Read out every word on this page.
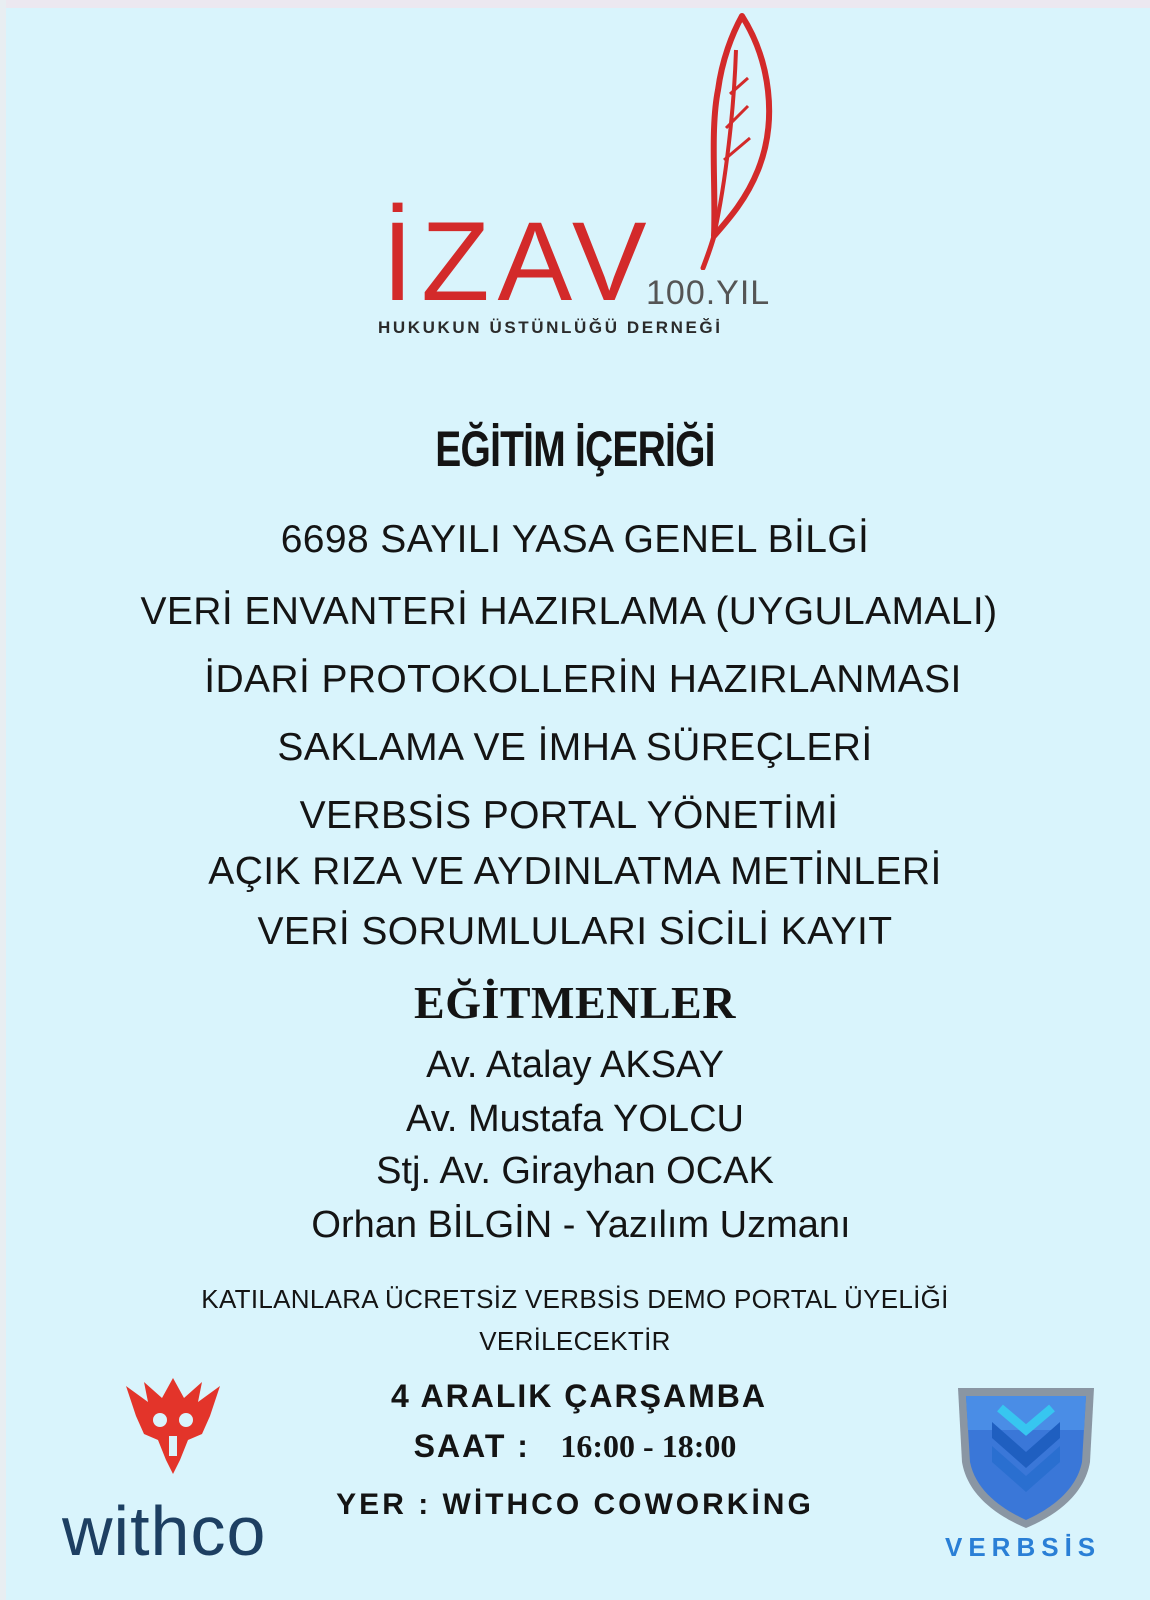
İZAV
100.YIL
HUKUKUN ÜSTÜNLÜĞÜ DERNEĞİ
EĞİTİM İÇERİĞİ
6698 SAYILI YASA GENEL BİLGİ
VERİ ENVANTERİ HAZIRLAMA (UYGULAMALI)
İDARİ PROTOKOLLERİN HAZIRLANMASI
SAKLAMA VE İMHA SÜREÇLERİ
VERBSİS PORTAL YÖNETİMİ
AÇIK RIZA VE AYDINLATMA METİNLERİ
VERİ SORUMLULARI SİCİLİ KAYIT
EĞİTMENLER
Av. Atalay AKSAY
Av. Mustafa YOLCU
Stj. Av. Girayhan OCAK
Orhan BİLGİN - Yazılım Uzmanı
KATILANLARA ÜCRETSİZ VERBSİS DEMO PORTAL ÜYELİĞİ
VERİLECEKTİR
4 ARALIK ÇARŞAMBA
SAAT : 16:00 - 18:00
YER : WİTHCO COWORKİNG
withco	VERBSİS
